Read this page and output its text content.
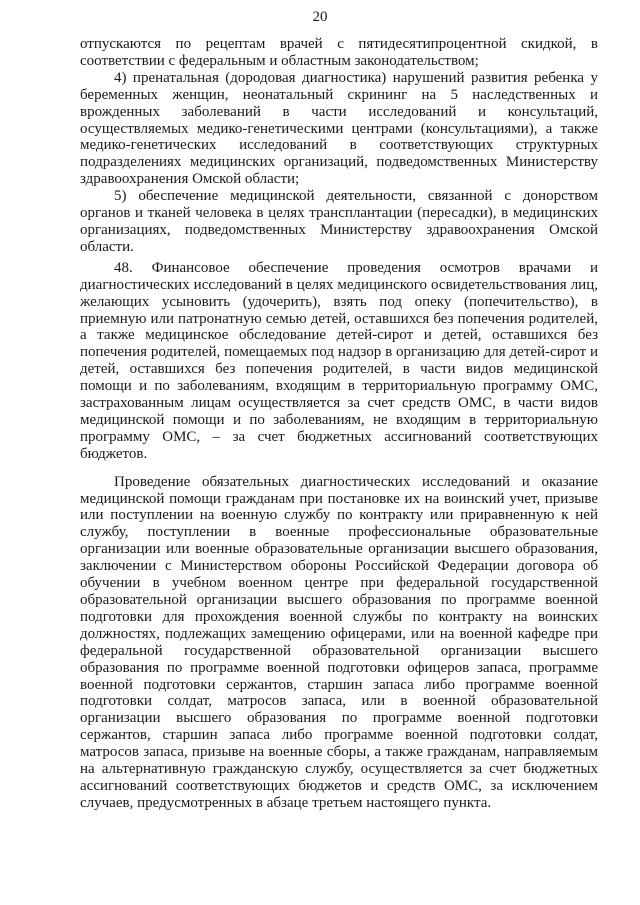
20

отпускаются по рецептам врачей с пятидесятипроцентной скидкой, в соответствии с федеральным и областным законодательством;

4) пренатальная (дородовая диагностика) нарушений развития ребенка у беременных женщин, неонатальный скрининг на 5 наследственных и врожденных заболеваний в части исследований и консультаций, осуществляемых медико-генетическими центрами (консультациями), а также медико-генетических исследований в соответствующих структурных подразделениях медицинских организаций, подведомственных Министерству здравоохранения Омской области;

5) обеспечение медицинской деятельности, связанной с донорством органов и тканей человека в целях трансплантации (пересадки), в медицинских организациях, подведомственных Министерству здравоохранения Омской области.

48. Финансовое обеспечение проведения осмотров врачами и диагностических исследований в целях медицинского освидетельствования лиц, желающих усыновить (удочерить), взять под опеку (попечительство), в приемную или патронатную семью детей, оставшихся без попечения родителей, а также медицинское обследование детей-сирот и детей, оставшихся без попечения родителей, помещаемых под надзор в организацию для детей-сирот и детей, оставшихся без попечения родителей, в части видов медицинской помощи и по заболеваниям, входящим в территориальную программу ОМС, застрахованным лицам осуществляется за счет средств ОМС, в части видов медицинской помощи и по заболеваниям, не входящим в территориальную программу ОМС, – за счет бюджетных ассигнований соответствующих бюджетов.

Проведение обязательных диагностических исследований и оказание медицинской помощи гражданам при постановке их на воинский учет, призыве или поступлении на военную службу по контракту или приравненную к ней службу, поступлении в военные профессиональные образовательные организации или военные образовательные организации высшего образования, заключении с Министерством обороны Российской Федерации договора об обучении в учебном военном центре при федеральной государственной образовательной организации высшего образования по программе военной подготовки для прохождения военной службы по контракту на воинских должностях, подлежащих замещению офицерами, или на военной кафедре при федеральной государственной образовательной организации высшего образования по программе военной подготовки офицеров запаса, программе военной подготовки сержантов, старшин запаса либо программе военной подготовки солдат, матросов запаса, или в военной образовательной организации высшего образования по программе военной подготовки сержантов, старшин запаса либо программе военной подготовки солдат, матросов запаса, призыве на военные сборы, а также гражданам, направляемым на альтернативную гражданскую службу, осуществляется за счет бюджетных ассигнований соответствующих бюджетов и средств ОМС, за исключением случаев, предусмотренных в абзаце третьем настоящего пункта.
